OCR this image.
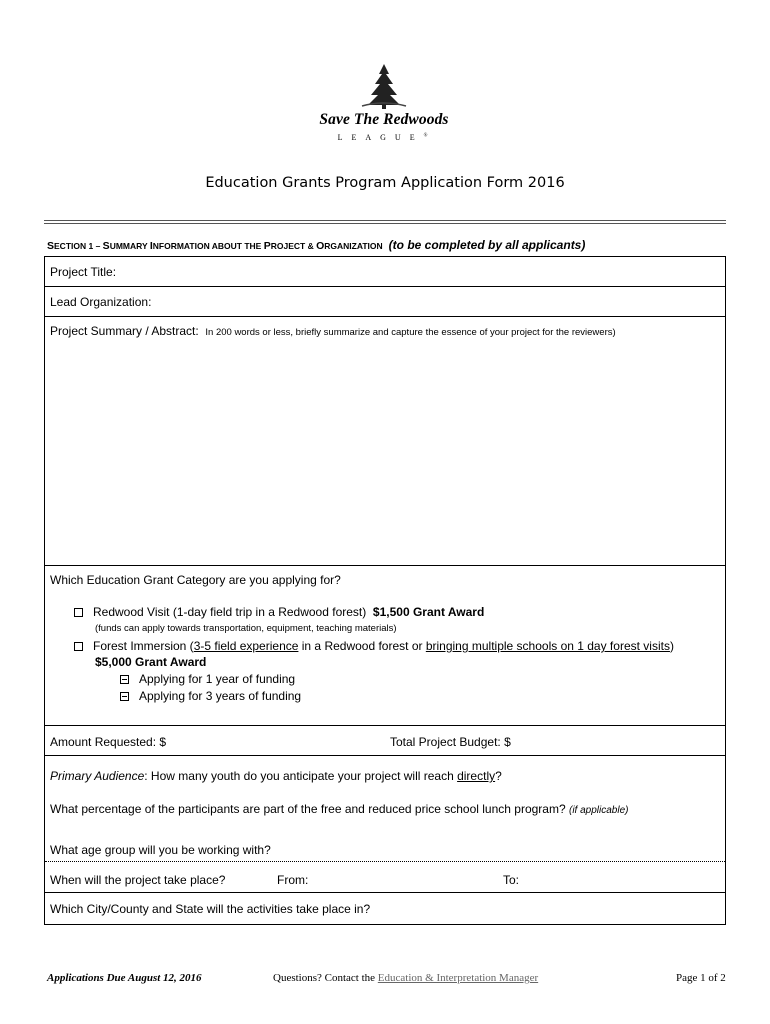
Save The Redwoods
LEAGUE®
Education Grants Program Application Form 2016
SECTION 1 – SUMMARY INFORMATION ABOUT THE PROJECT & ORGANIZATION (to be completed by all applicants)
Project Title:
Lead Organization:
Project Summary / Abstract: In 200 words or less, briefly summarize and capture the essence of your project for the reviewers)
Which Education Grant Category are you applying for?
Redwood Visit (1-day field trip in a Redwood forest) $1,500 Grant Award
(funds can apply towards transportation, equipment, teaching materials)
Forest Immersion (3-5 field experience in a Redwood forest or bringing multiple schools on 1 day forest visits)
$5,000 Grant Award
Applying for 1 year of funding
Applying for 3 years of funding
Amount Requested: $	Total Project Budget: $
Primary Audience: How many youth do you anticipate your project will reach directly?
What percentage of the participants are part of the free and reduced price school lunch program? (if applicable)
What age group will you be working with?
When will the project take place?	From:	To:
Which City/County and State will the activities take place in?
Applications Due August 12, 2016	Questions? Contact the Education & Interpretation Manager	Page 1 of 2
